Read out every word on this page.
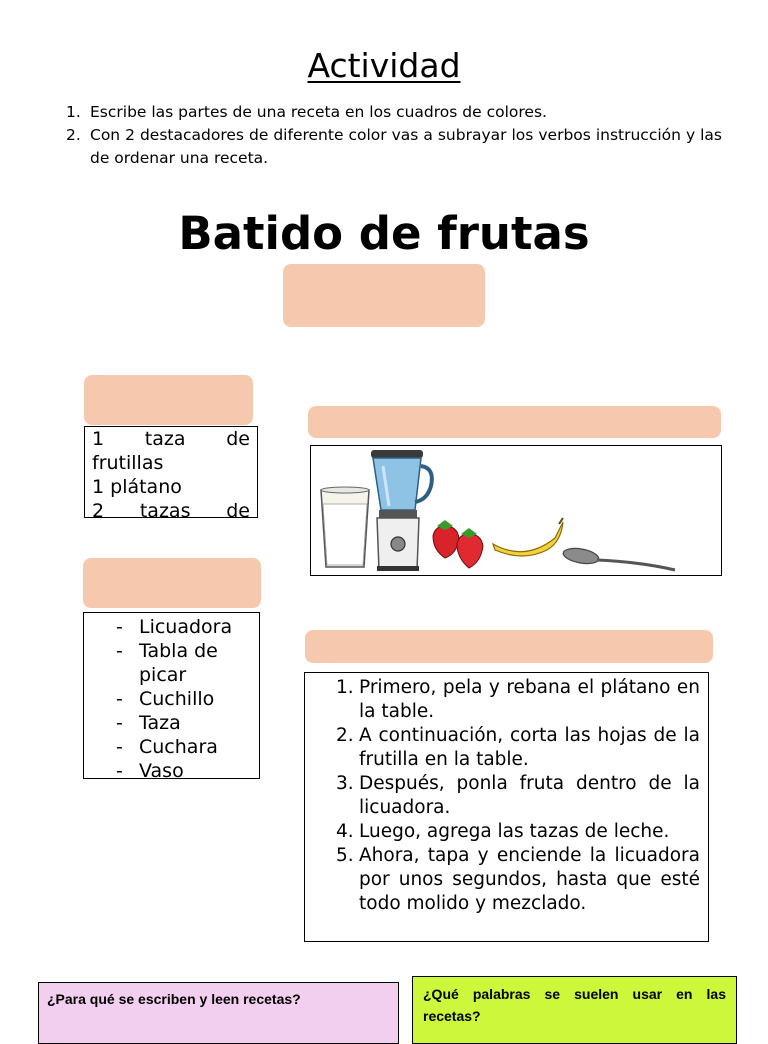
Actividad
1. Escribe las partes de una receta en los cuadros de colores.
2. Con 2 destacadores de diferente color vas a subrayar los verbos instrucción y las de ordenar una receta.
Batido de frutas
1 taza de
frutillas
1 plátano
2 tazas de
- Licuadora
- Tabla de picar
- Cuchillo
- Taza
- Cuchara
- Vaso
1. Primero, pela y rebana el plátano en la table.
2. A continuación, corta las hojas de la frutilla en la table.
3. Después, ponla fruta dentro de la licuadora.
4. Luego, agrega las tazas de leche.
5. Ahora, tapa y enciende la licuadora por unos segundos, hasta que esté todo molido y mezclado.
¿Para qué se escriben y leen recetas?	¿Qué palabras se suelen usar en las recetas?
